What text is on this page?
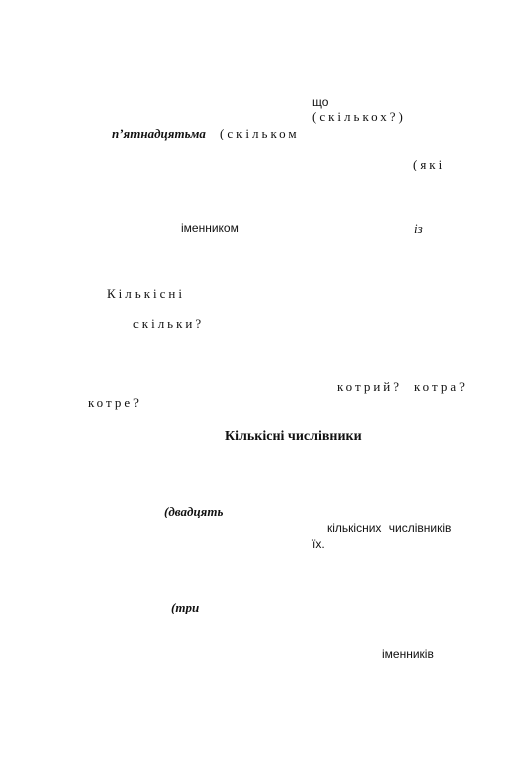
що
(скількох?)
п’ятнадцятьма (скільком
(які
іменником	із
Кількісні
скільки?
котрий? котра?
котре?
Кількісні числівники
(двадцять
кількісних числівників
їх.
(три
іменників
